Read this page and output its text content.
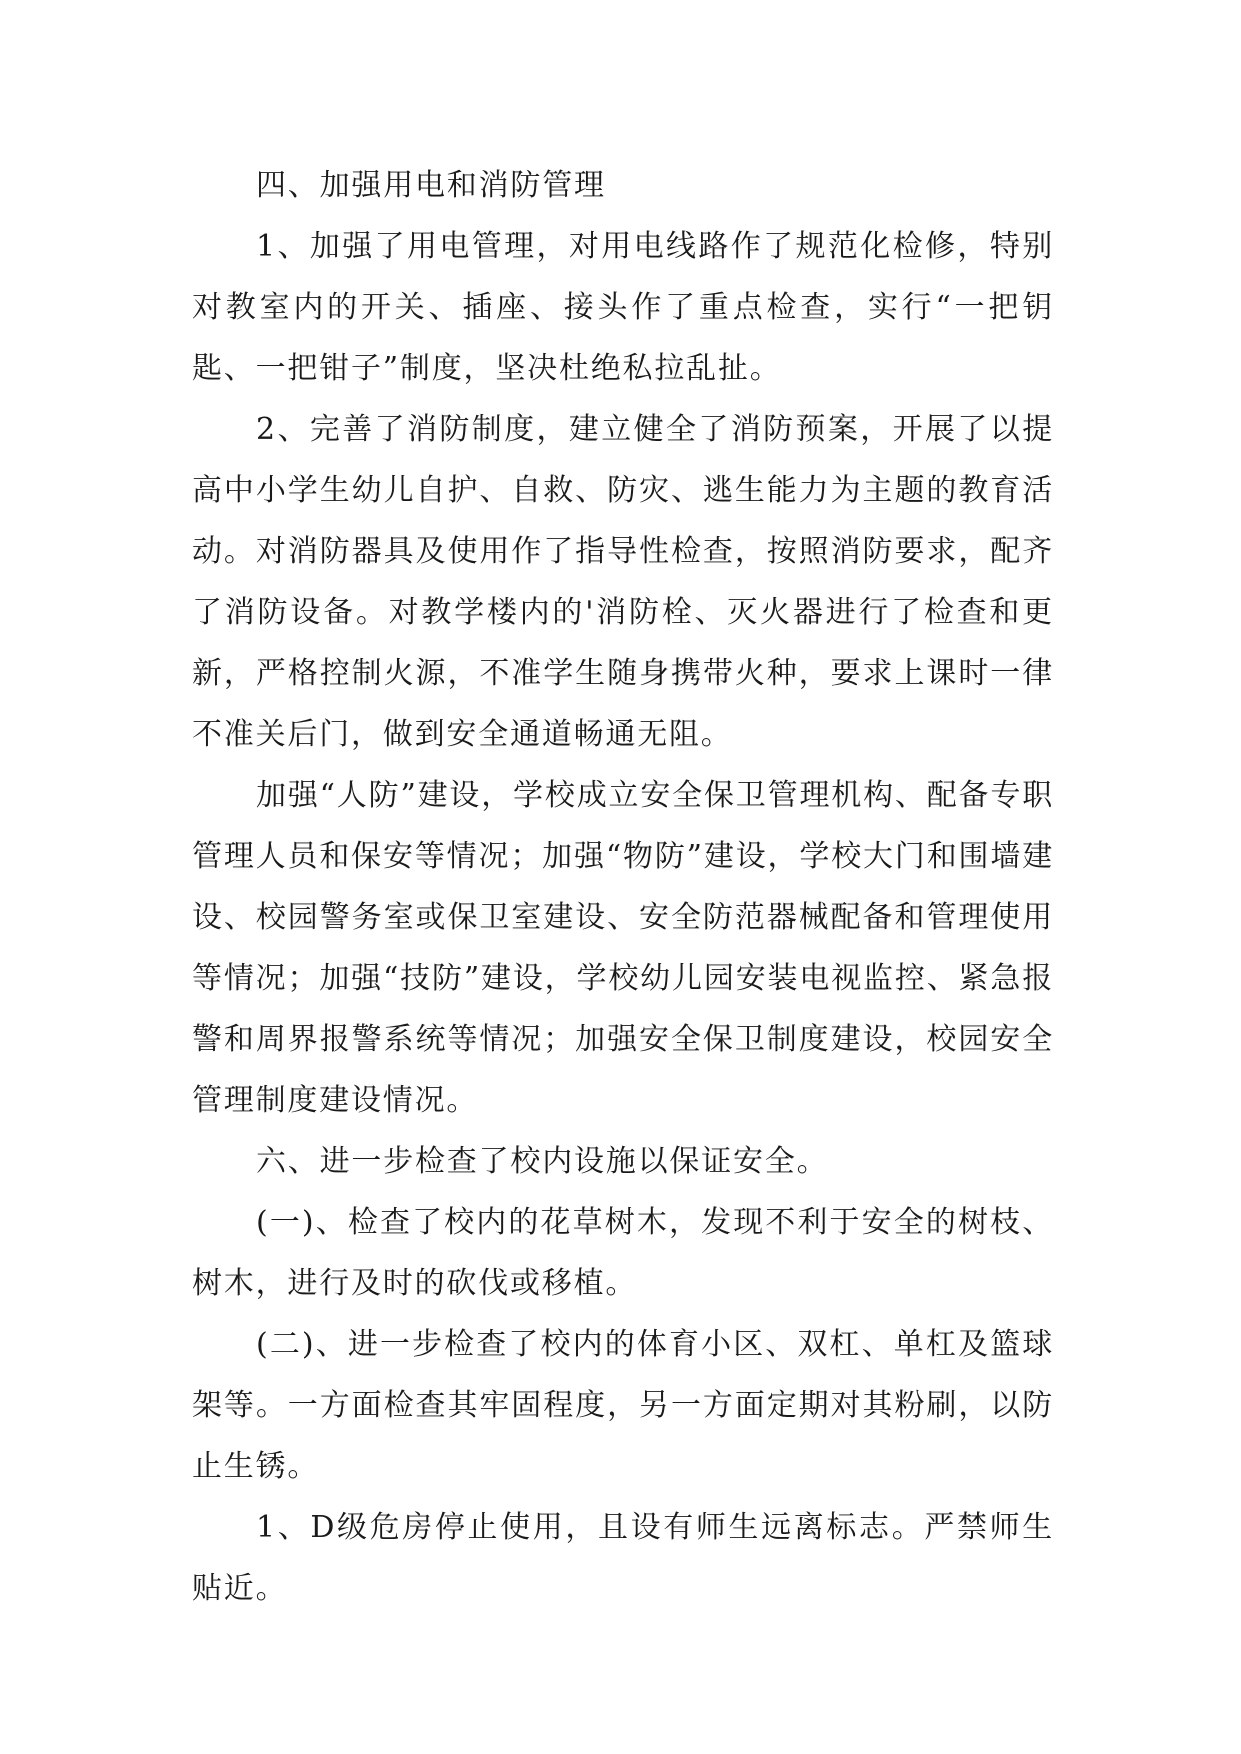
四、加强用电和消防管理

1、加强了用电管理，对用电线路作了规范化检修，特别对教室内的开关、插座、接头作了重点检查，实行“一把钥匙、一把钳子”制度，坚决杜绝私拉乱扯。

2、完善了消防制度，建立健全了消防预案，开展了以提高中小学生幼儿自护、自救、防灾、逃生能力为主题的教育活动。对消防器具及使用作了指导性检查，按照消防要求，配齐了消防设备。对教学楼内的'消防栓、灭火器进行了检查和更新，严格控制火源，不准学生随身携带火种，要求上课时一律不准关后门，做到安全通道畅通无阻。

加强“人防”建设，学校成立安全保卫管理机构、配备专职管理人员和保安等情况；加强“物防”建设，学校大门和围墙建设、校园警务室或保卫室建设、安全防范器械配备和管理使用等情况；加强“技防”建设，学校幼儿园安装电视监控、紧急报警和周界报警系统等情况；加强安全保卫制度建设，校园安全管理制度建设情况。

六、进一步检查了校内设施以保证安全。

(一)、检查了校内的花草树木，发现不利于安全的树枝、树木，进行及时的砍伐或移植。

(二)、进一步检查了校内的体育小区、双杠、单杠及篮球架等。一方面检查其牢固程度，另一方面定期对其粉刷，以防止生锈。

1、D级危房停止使用，且设有师生远离标志。严禁师生贴近。
